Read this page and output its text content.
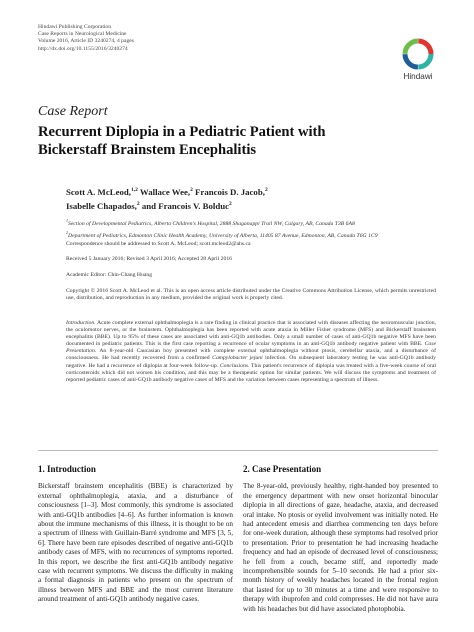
Hindawi Publishing Corporation
Case Reports in Neurological Medicine
Volume 2016, Article ID 3240274, 4 pages
http://dx.doi.org/10.1155/2016/3240274
Hindawi
Case Report
Recurrent Diplopia in a Pediatric Patient with
Bickerstaff Brainstem Encephalitis
Scott A. McLeod,$^{1,2}$ Wallace Wee,$^2$ Francois D. Jacob,$^2$
Isabelle Chapados,$^2$ and Francois V. Bolduc$^2$
$^1$Section of Developmental Pediatrics, Alberta Children's Hospital, 2888 Shaganappi Trail NW, Calgary, AB, Canada T3B 6A8
$^2$Department of Pediatrics, Edmonton Clinic Health Academy, University of Alberta, 11405 87 Avenue, Edmonton, AB, Canada T6G 1C9
Correspondence should be addressed to Scott A. McLeod; scott.mcleod2@ahs.ca
Received 5 January 2016; Revised 3 April 2016; Accepted 28 April 2016
Academic Editor: Chin-Chang Huang
Copyright © 2016 Scott A. McLeod et al. This is an open access article distributed under the Creative Commons Attribution License, which permits unrestricted use, distribution, and reproduction in any medium, provided the original work is properly cited.
Introduction. Acute complete external ophthalmoplegia is a rare finding in clinical practice that is associated with diseases affecting the neuromuscular junction, the oculomotor nerves, or the brainstem. Ophthalmoplegia has been reported with acute ataxia in Miller Fisher syndrome (MFS) and Bickerstaff brainstem encephalitis (BBE). Up to 95% of these cases are associated with anti-GQ1b antibodies. Only a small number of cases of anti-GQ1b negative MFS have been documented in pediatric patients. This is the first case reporting a recurrence of ocular symptoms in an anti-GQ1b antibody negative patient with BBE. Case Presentation. An 8-year-old Caucasian boy presented with complete external ophthalmoplegia without ptosis, cerebellar ataxia, and a disturbance of consciousness. He had recently recovered from a confirmed Campylobacter jejuni infection. On subsequent laboratory testing he was anti-GQ1b antibody negative. He had a recurrence of diplopia at four-week follow-up. Conclusions. This patient's recurrence of diplopia was treated with a five-week course of oral corticosteroids which did not worsen his condition, and this may be a therapeutic option for similar patients. We will discuss the symptoms and treatment of reported pediatric cases of anti-GQ1b antibody negative cases of MFS and the variation between cases representing a spectrum of illness.
1. Introduction
Bickerstaff brainstem encephalitis (BBE) is characterized by external ophthalmoplegia, ataxia, and a disturbance of consciousness [1–3]. Most commonly, this syndrome is associated with anti-GQ1b antibodies [4–6]. As further information is known about the immune mechanisms of this illness, it is thought to be on a spectrum of illness with Guillain-Barré syndrome and MFS [3, 5, 6]. There have been rare episodes described of negative anti-GQ1b antibody cases of MFS, with no recurrences of symptoms reported. In this report, we describe the first anti-GQ1b antibody negative case with recurrent symptoms. We discuss the difficulty in making a formal diagnosis in patients who present on the spectrum of illness between MFS and BBE and the most current literature around treatment of anti-GQ1b antibody negative cases.
2. Case Presentation
The 8-year-old, previously healthy, right-handed boy presented to the emergency department with new onset horizontal binocular diplopia in all directions of gaze, headache, ataxia, and decreased oral intake. No ptosis or eyelid involvement was initially noted. He had antecedent emesis and diarrhea commencing ten days before for one-week duration, although these symptoms had resolved prior to presentation. Prior to presentation he had increasing headache frequency and had an episode of decreased level of consciousness; he fell from a couch, became stiff, and reportedly made incomprehensible sounds for 5–10 seconds. He had a prior six-month history of weekly headaches located in the frontal region that lasted for up to 30 minutes at a time and were responsive to therapy with ibuprofen and cold compresses. He did not have aura with his headaches but did have associated photophobia.
